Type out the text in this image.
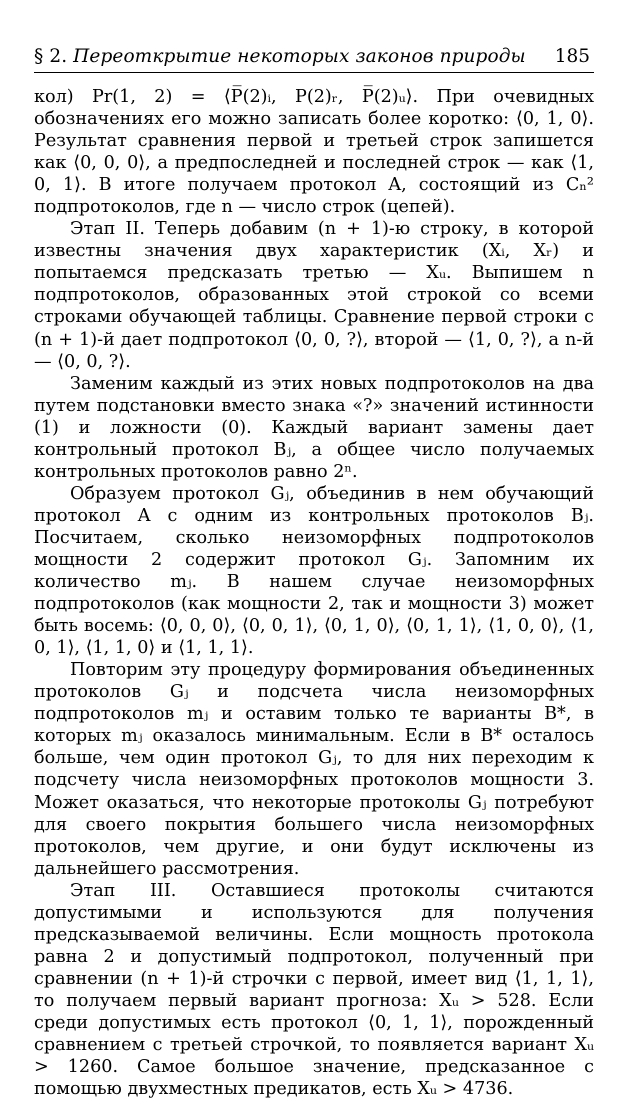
§ 2. Переоткрытие некоторых законов природы 185

кол) Pr(1, 2) = ⟨P̅(2)ᵢ, P(2)ᵣ, P̅(2)ᵤ⟩. При очевидных обозначениях его можно записать более коротко: ⟨0, 1, 0⟩. Результат сравнения первой и третьей строк запишется как ⟨0, 0, 0⟩, а предпоследней и последней строк — как ⟨1, 0, 1⟩. В итоге получаем протокол A, состоящий из Cₙ² подпротоколов, где n — число строк (цепей).

Этап II. Теперь добавим (n + 1)-ю строку, в которой известны значения двух характеристик (Xᵢ, Xᵣ) и попытаемся предсказать третью — Xᵤ. Выпишем n подпротоколов, образованных этой строкой со всеми строками обучающей таблицы. Сравнение первой строки с (n + 1)-й дает подпротокол ⟨0, 0, ?⟩, второй — ⟨1, 0, ?⟩, а n-й — ⟨0, 0, ?⟩.

Заменим каждый из этих новых подпротоколов на два путем подстановки вместо знака «?» значений истинности (1) и ложности (0). Каждый вариант замены дает контрольный протокол Bⱼ, а общее число получаемых контрольных протоколов равно 2ⁿ.

Образуем протокол Gⱼ, объединив в нем обучающий протокол A с одним из контрольных протоколов Bⱼ. Посчитаем, сколько неизоморфных подпротоколов мощности 2 содержит протокол Gⱼ. Запомним их количество mⱼ. В нашем случае неизоморфных подпротоколов (как мощности 2, так и мощности 3) может быть восемь: ⟨0, 0, 0⟩, ⟨0, 0, 1⟩, ⟨0, 1, 0⟩, ⟨0, 1, 1⟩, ⟨1, 0, 0⟩, ⟨1, 0, 1⟩, ⟨1, 1, 0⟩ и ⟨1, 1, 1⟩.

Повторим эту процедуру формирования объединенных протоколов Gⱼ и подсчета числа неизоморфных подпротоколов mⱼ и оставим только те варианты B*, в которых mⱼ оказалось минимальным. Если в B* осталось больше, чем один протокол Gⱼ, то для них переходим к подсчету числа неизоморфных протоколов мощности 3. Может оказаться, что некоторые протоколы Gⱼ потребуют для своего покрытия большего числа неизоморфных протоколов, чем другие, и они будут исключены из дальнейшего рассмотрения.

Этап III. Оставшиеся протоколы считаются допустимыми и используются для получения предсказываемой величины. Если мощность протокола равна 2 и допустимый подпротокол, полученный при сравнении (n + 1)-й строчки с первой, имеет вид ⟨1, 1, 1⟩, то получаем первый вариант прогноза: Xᵤ > 528. Если среди допустимых есть протокол ⟨0, 1, 1⟩, порожденный сравнением с третьей строчкой, то появляется вариант Xᵤ > 1260. Самое большое значение, предсказанное с помощью двухместных предикатов, есть Xᵤ > 4736.
